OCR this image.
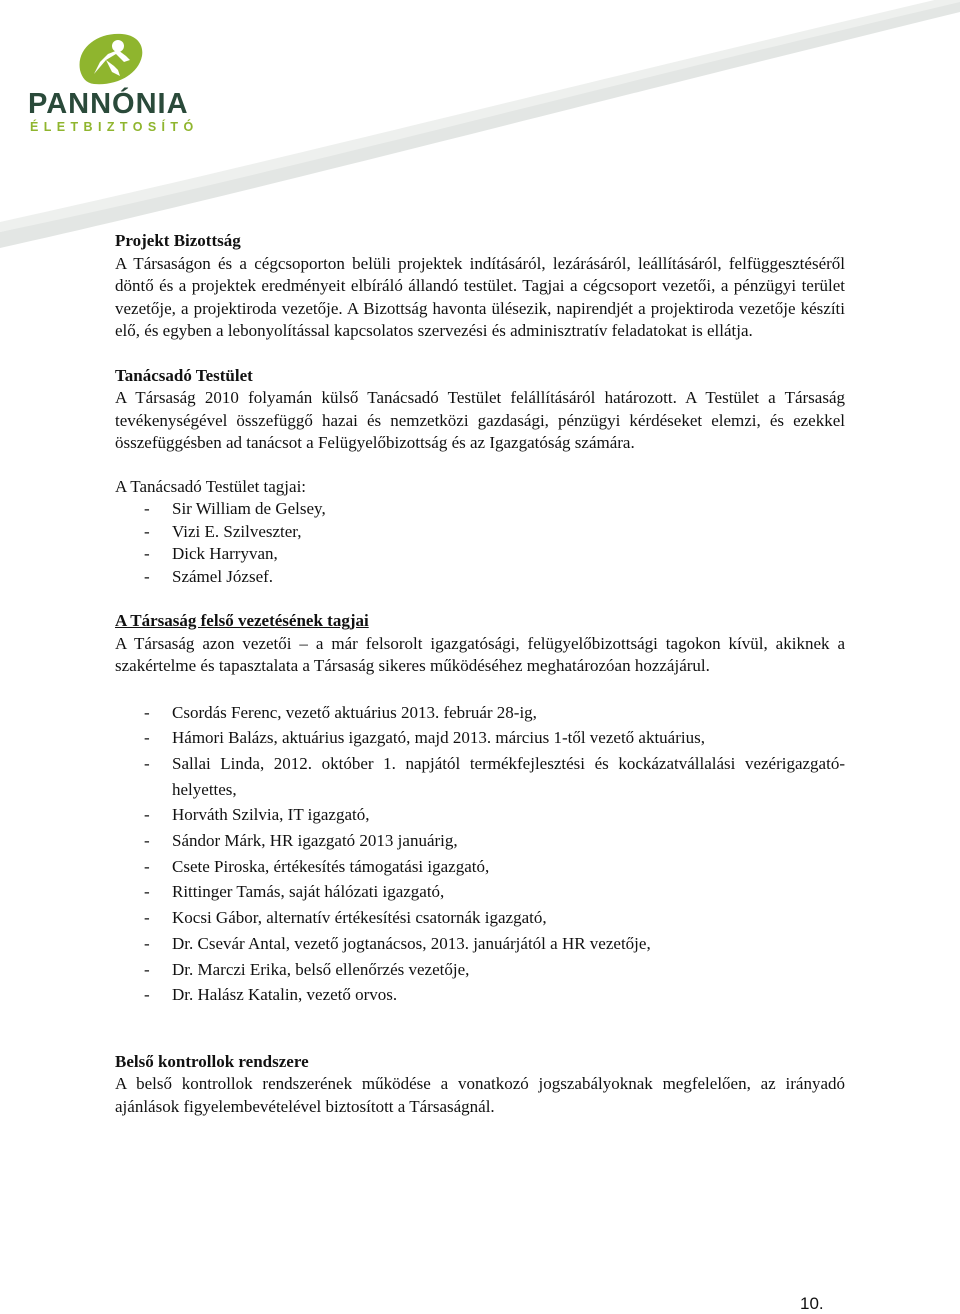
PANNÓNIA
ÉLETBIZTOSÍTÓ
Projekt Bizottság
A Társaságon és a cégcsoporton belüli projektek indításáról, lezárásáról, leállításáról, felfüggesztéséről döntő és a projektek eredményeit elbíráló állandó testület. Tagjai a cégcsoport vezetői, a pénzügyi terület vezetője, a projektiroda vezetője. A Bizottság havonta ülésezik, napirendjét a projektiroda vezetője készíti elő, és egyben a lebonyolítással kapcsolatos szervezési és adminisztratív feladatokat is ellátja.
Tanácsadó Testület
A Társaság 2010 folyamán külső Tanácsadó Testület felállításáról határozott. A Testület a Társaság tevékenységével összefüggő hazai és nemzetközi gazdasági, pénzügyi kérdéseket elemzi, és ezekkel összefüggésben ad tanácsot a Felügyelőbizottság és az Igazgatóság számára.
A Tanácsadó Testület tagjai:
- Sir William de Gelsey,
- Vizi E. Szilveszter,
- Dick Harryvan,
- Számel József.
A Társaság felső vezetésének tagjai
A Társaság azon vezetői – a már felsorolt igazgatósági, felügyelőbizottsági tagokon kívül, akiknek a szakértelme és tapasztalata a Társaság sikeres működéséhez meghatározóan hozzájárul.
- Csordás Ferenc, vezető aktuárius 2013. február 28-ig,
- Hámori Balázs, aktuárius igazgató, majd 2013. március 1-től vezető aktuárius,
- Sallai Linda, 2012. október 1. napjától termékfejlesztési és kockázatvállalási vezérigazgató-helyettes,
- Horváth Szilvia, IT igazgató,
- Sándor Márk, HR igazgató 2013 januárig,
- Csete Piroska, értékesítés támogatási igazgató,
- Rittinger Tamás, saját hálózati igazgató,
- Kocsi Gábor, alternatív értékesítési csatornák igazgató,
- Dr. Csevár Antal, vezető jogtanácsos, 2013. januárjától a HR vezetője,
- Dr. Marczi Erika, belső ellenőrzés vezetője,
- Dr. Halász Katalin, vezető orvos.
Belső kontrollok rendszere
A belső kontrollok rendszerének működése a vonatkozó jogszabályoknak megfelelően, az irányadó ajánlások figyelembevételével biztosított a Társaságnál.
10.
